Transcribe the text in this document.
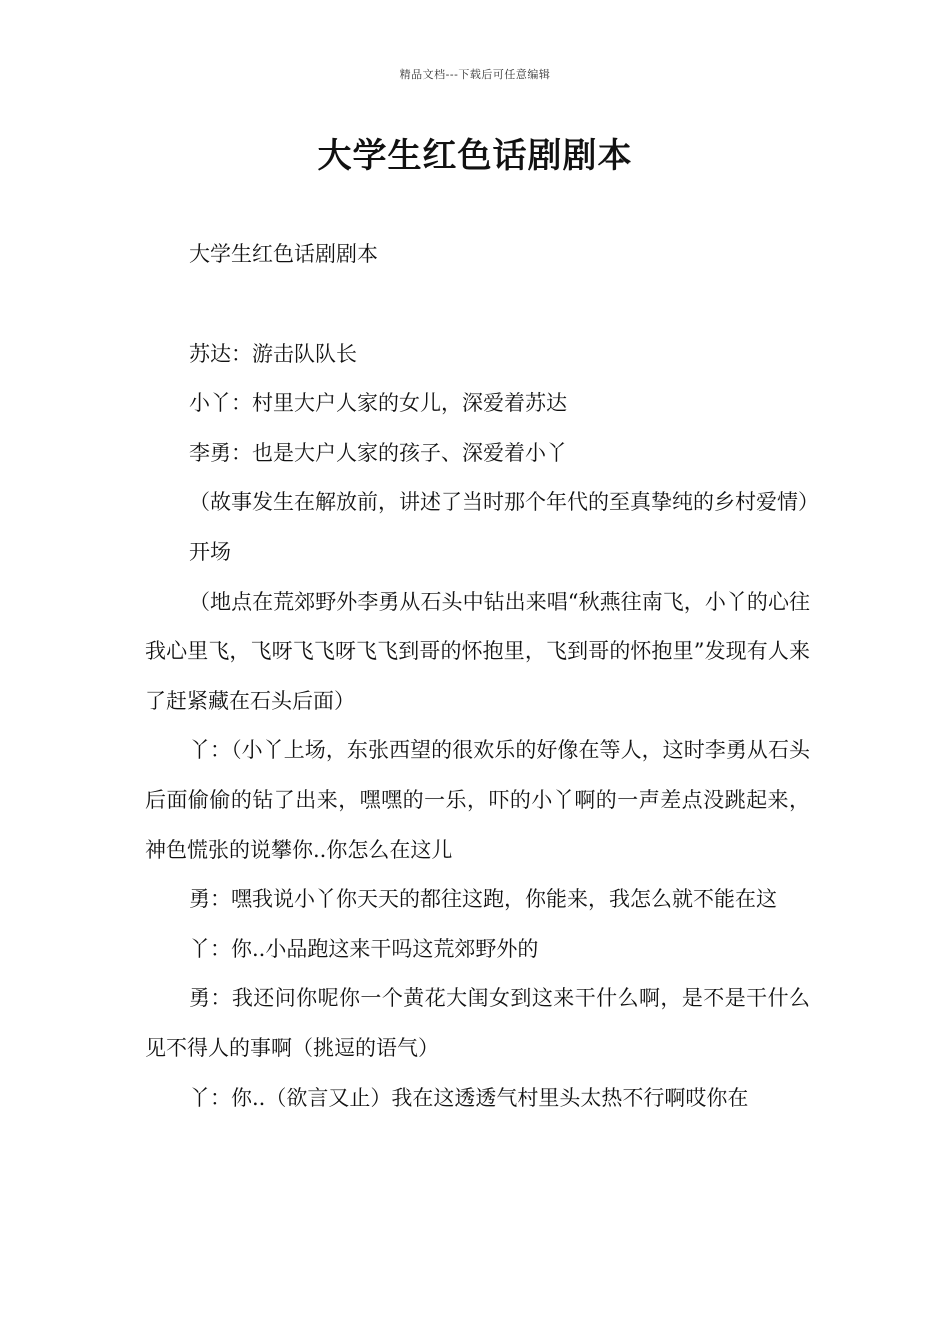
精品文档---下载后可任意编辑
大学生红色话剧剧本

大学生红色话剧剧本

苏达：游击队队长

小丫：村里大户人家的女儿，深爱着苏达

李勇：也是大户人家的孩子、深爱着小丫

（故事发生在解放前，讲述了当时那个年代的至真挚纯的乡村爱情）

开场

（地点在荒郊野外李勇从石头中钻出来唱“秋燕往南飞，小丫的心往我心里飞，飞呀飞飞呀飞飞到哥的怀抱里，飞到哥的怀抱里”发现有人来了赶紧藏在石头后面）

丫：（小丫上场，东张西望的很欢乐的好像在等人，这时李勇从石头后面偷偷的钻了出来，嘿嘿的一乐，吓的小丫啊的一声差点没跳起来，神色慌张的说攀你..你怎么在这儿

勇：嘿我说小丫你天天的都往这跑，你能来，我怎么就不能在这

丫：你..小品跑这来干吗这荒郊野外的

勇：我还问你呢你一个黄花大闺女到这来干什么啊，是不是干什么见不得人的事啊（挑逗的语气）

丫：你..（欲言又止）我在这透透气村里头太热不行啊哎你在
